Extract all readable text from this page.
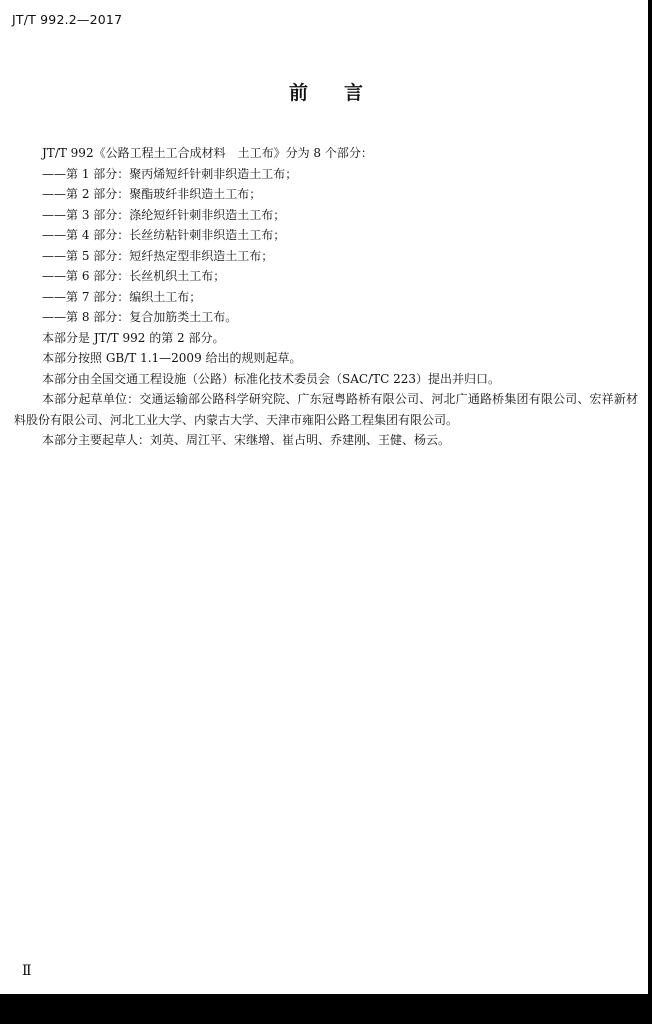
JT/T 992.2—2017
前言

JT/T 992《公路工程土工合成材料　土工布》分为 8 个部分：

——第 1 部分：聚丙烯短纤针刺非织造土工布；

——第 2 部分：聚酯玻纤非织造土工布；

——第 3 部分：涤纶短纤针刺非织造土工布；

——第 4 部分：长丝纺粘针刺非织造土工布；

——第 5 部分：短纤热定型非织造土工布；

——第 6 部分：长丝机织土工布；

——第 7 部分：编织土工布；

——第 8 部分：复合加筋类土工布。

本部分是 JT/T 992 的第 2 部分。

本部分按照 GB/T 1.1—2009 给出的规则起草。

本部分由全国交通工程设施（公路）标准化技术委员会（SAC/TC 223）提出并归口。

本部分起草单位：交通运输部公路科学研究院、广东冠粤路桥有限公司、河北广通路桥集团有限公司、宏祥新材料股份有限公司、河北工业大学、内蒙古大学、天津市雍阳公路工程集团有限公司。

本部分主要起草人：刘英、周江平、宋继增、崔占明、乔建刚、王健、杨云。

Ⅱ
